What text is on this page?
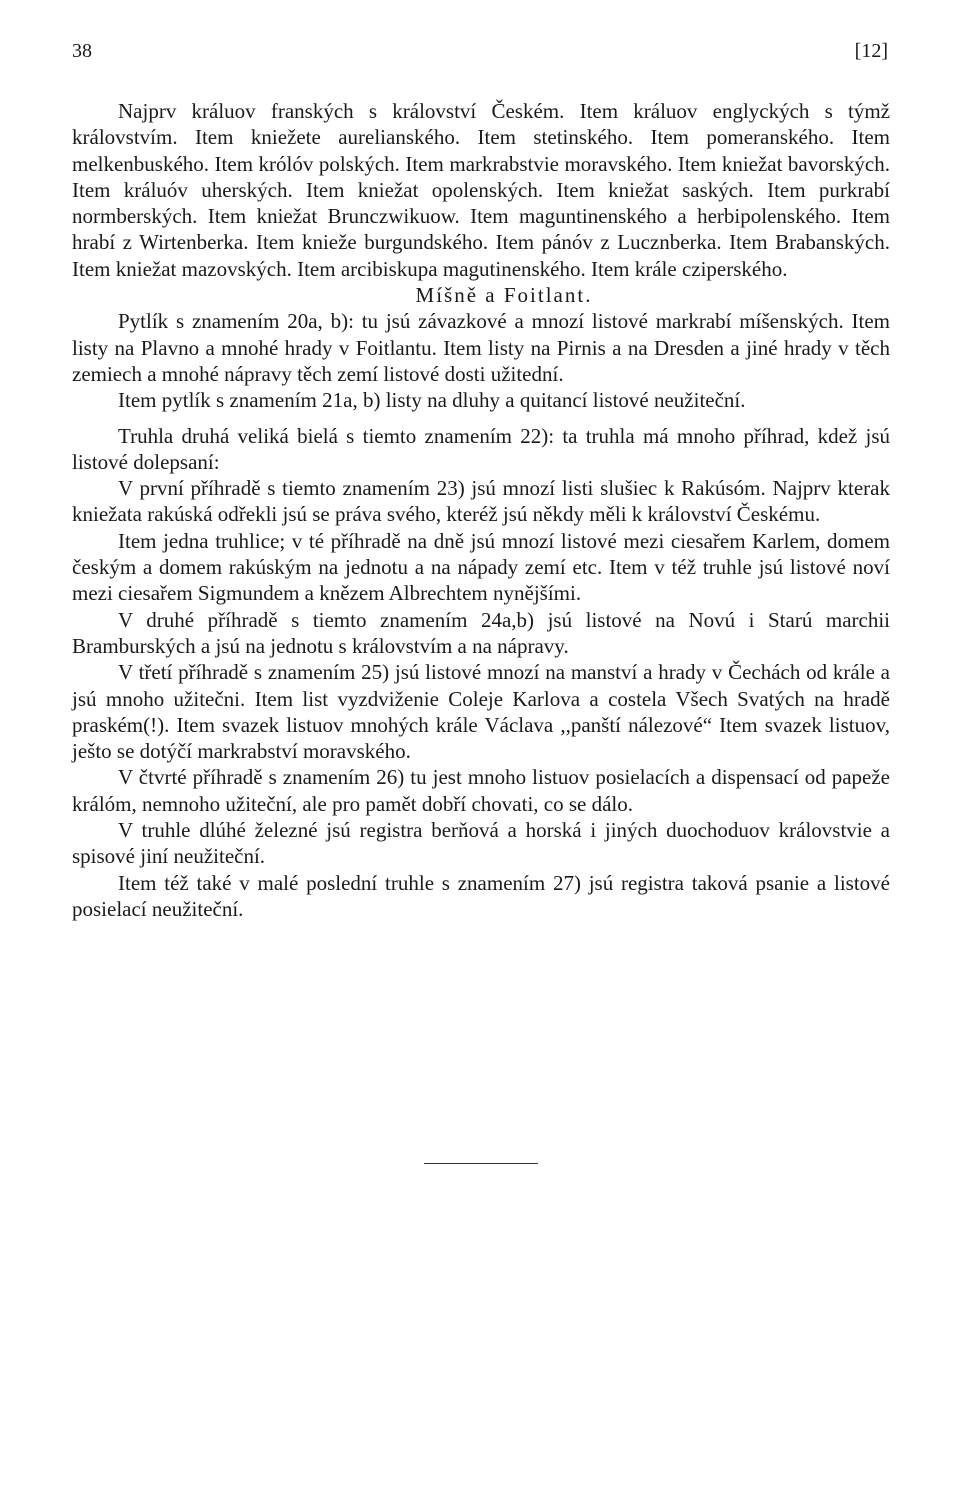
38	[12]

Najprv králuov franských s království Českém. Item králuov englyckých s týmž královstvím. Item kniežete aurelianského. Item stetinského. Item pomeranského. Item melkenbuského. Item królóv polských. Item markrabstvie moravského. Item kniežat bavorských. Item králuóv uherských. Item kniežat opolenských. Item kniežat saských. Item purkrabí normberských. Item kniežat Brunczwikuow. Item maguntinenského a herbipolenského. Item hrabí z Wirtenberka. Item knieže burgundského. Item pánóv z Lucznberka. Item Brabanských. Item kniežat mazovských. Item arcibiskupa magutinenského. Item krále cziperského.

Míšně a Foitlant.

Pytlík s znamením 20a, b): tu jsú závazkové a mnozí listové markrabí míšenských. Item listy na Plavno a mnohé hrady v Foitlantu. Item listy na Pirnis a na Dresden a jiné hrady v těch zemiech a mnohé nápravy těch zemí listové dosti užitední.

Item pytlík s znamením 21a, b) listy na dluhy a quitancí listové neužiteční.

Truhla druhá veliká bielá s tiemto znamením 22): ta truhla má mnoho příhrad, kdež jsú listové dolepsaní:

V první příhradě s tiemto znamením 23) jsú mnozí listi slušiec k Rakúsóm. Najprv kterak kniežata rakúská odřekli jsú se práva svého, kteréž jsú někdy měli k království Českému.

Item jedna truhlice; v té příhradě na dně jsú mnozí listové mezi ciesařem Karlem, domem českým a domem rakúským na jednotu a na nápady zemí etc. Item v též truhle jsú listové noví mezi ciesařem Sigmundem a knězem Albrechtem nynějšími.

V druhé příhradě s tiemto znamením 24a,b) jsú listové na Novú i Starú marchii Bramburských a jsú na jednotu s královstvím a na nápravy.

V třetí příhradě s znamením 25) jsú listové mnozí na manství a hrady v Čechách od krále a jsú mnoho užitečni. Item list vyzdviženie Coleje Karlova a costela Všech Svatých na hradě praském(!). Item svazek listuov mnohých krále Václava ,,panští nálezové“ Item svazek listuov, ješto se dotýčí markrabství moravského.

V čtvrté příhradě s znamením 26) tu jest mnoho listuov posielacích a dispensací od papeže králóm, nemnoho užiteční, ale pro pamět dobří chovati, co se dálo.

V truhle dlúhé železné jsú registra berňová a horská i jiných duochoduov královstvie a spisové jiní neužiteční.

Item též také v malé poslední truhle s znamením 27) jsú registra taková psanie a listové posielací neužiteční.
